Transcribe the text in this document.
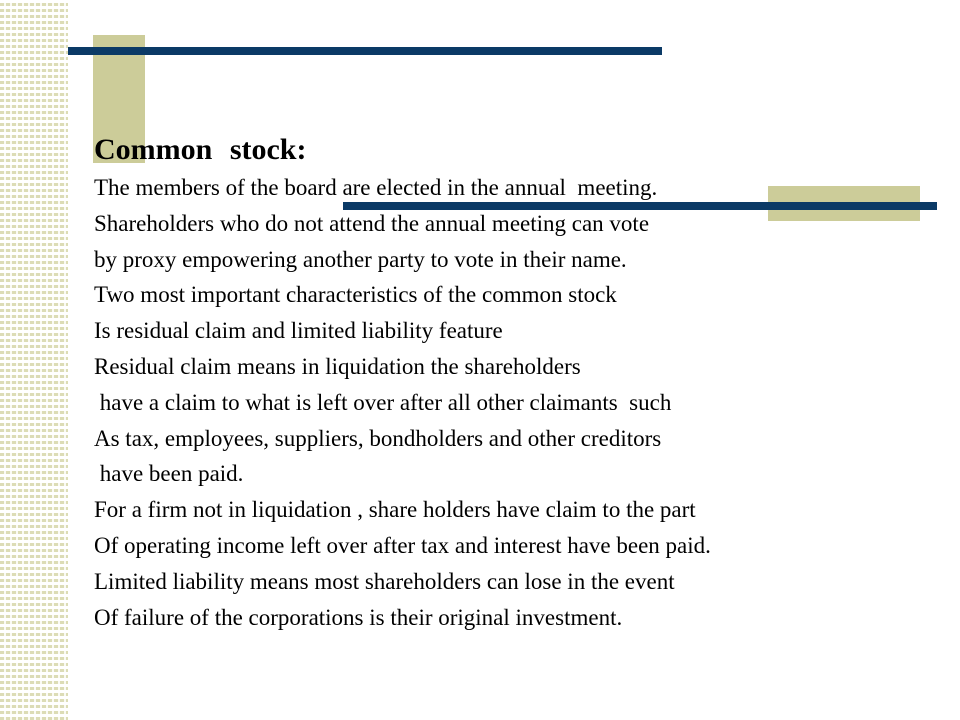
Common stock:
The members of the board are elected in the annual  meeting.
Shareholders who do not attend the annual meeting can vote
by proxy empowering another party to vote in their name.
Two most important characteristics of the common stock
Is residual claim and limited liability feature
Residual claim means in liquidation the shareholders
have a claim to what is left over after all other claimants  such
As tax, employees, suppliers, bondholders and other creditors
have been paid.
For a firm not in liquidation , share holders have claim to the part
Of operating income left over after tax and interest have been paid.
Limited liability means most shareholders can lose in the event
Of failure of the corporations is their original investment.
